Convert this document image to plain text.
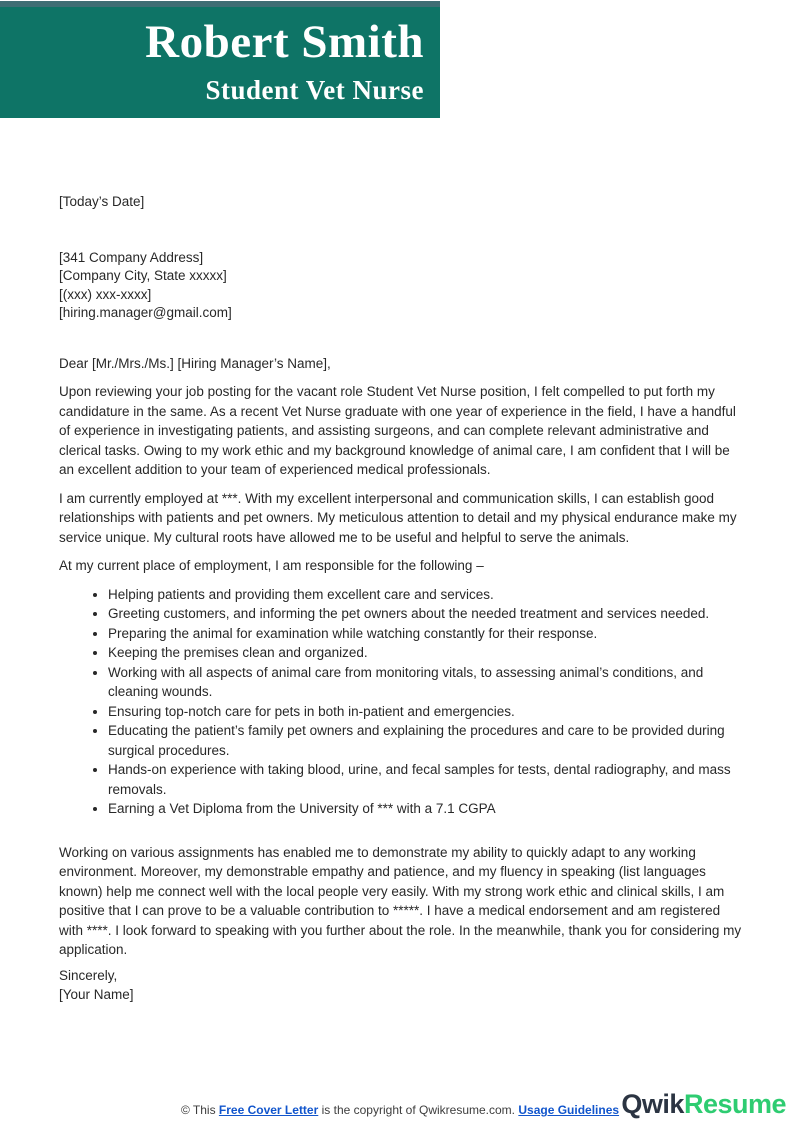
Robert Smith
Student Vet Nurse
[Today’s Date]
[341 Company Address]
[Company City, State xxxxx]
[(xxx) xxx-xxxx]
[hiring.manager@gmail.com]
Dear [Mr./Mrs./Ms.] [Hiring Manager’s Name],

Upon reviewing your job posting for the vacant role Student Vet Nurse position, I felt compelled to put forth my candidature in the same. As a recent Vet Nurse graduate with one year of experience in the field, I have a handful of experience in investigating patients, and assisting surgeons, and can complete relevant administrative and clerical tasks. Owing to my work ethic and my background knowledge of animal care, I am confident that I will be an excellent addition to your team of experienced medical professionals.

I am currently employed at ***. With my excellent interpersonal and communication skills, I can establish good relationships with patients and pet owners. My meticulous attention to detail and my physical endurance make my service unique. My cultural roots have allowed me to be useful and helpful to serve the animals.

At my current place of employment, I am responsible for the following –

• Helping patients and providing them excellent care and services.
• Greeting customers, and informing the pet owners about the needed treatment and services needed.
• Preparing the animal for examination while watching constantly for their response.
• Keeping the premises clean and organized.
• Working with all aspects of animal care from monitoring vitals, to assessing animal’s conditions, and cleaning wounds.
• Ensuring top-notch care for pets in both in-patient and emergencies.
• Educating the patient’s family pet owners and explaining the procedures and care to be provided during surgical procedures.
• Hands-on experience with taking blood, urine, and fecal samples for tests, dental radiography, and mass removals.
• Earning a Vet Diploma from the University of *** with a 7.1 CGPA

Working on various assignments has enabled me to demonstrate my ability to quickly adapt to any working environment. Moreover, my demonstrable empathy and patience, and my fluency in speaking (list languages known) help me connect well with the local people very easily. With my strong work ethic and clinical skills, I am positive that I can prove to be a valuable contribution to *****. I have a medical endorsement and am registered with ****. I look forward to speaking with you further about the role. In the meanwhile, thank you for considering my application.

Sincerely,
[Your Name]
© This Free Cover Letter is the copyright of Qwikresume.com. Usage Guidelines QwikResume
